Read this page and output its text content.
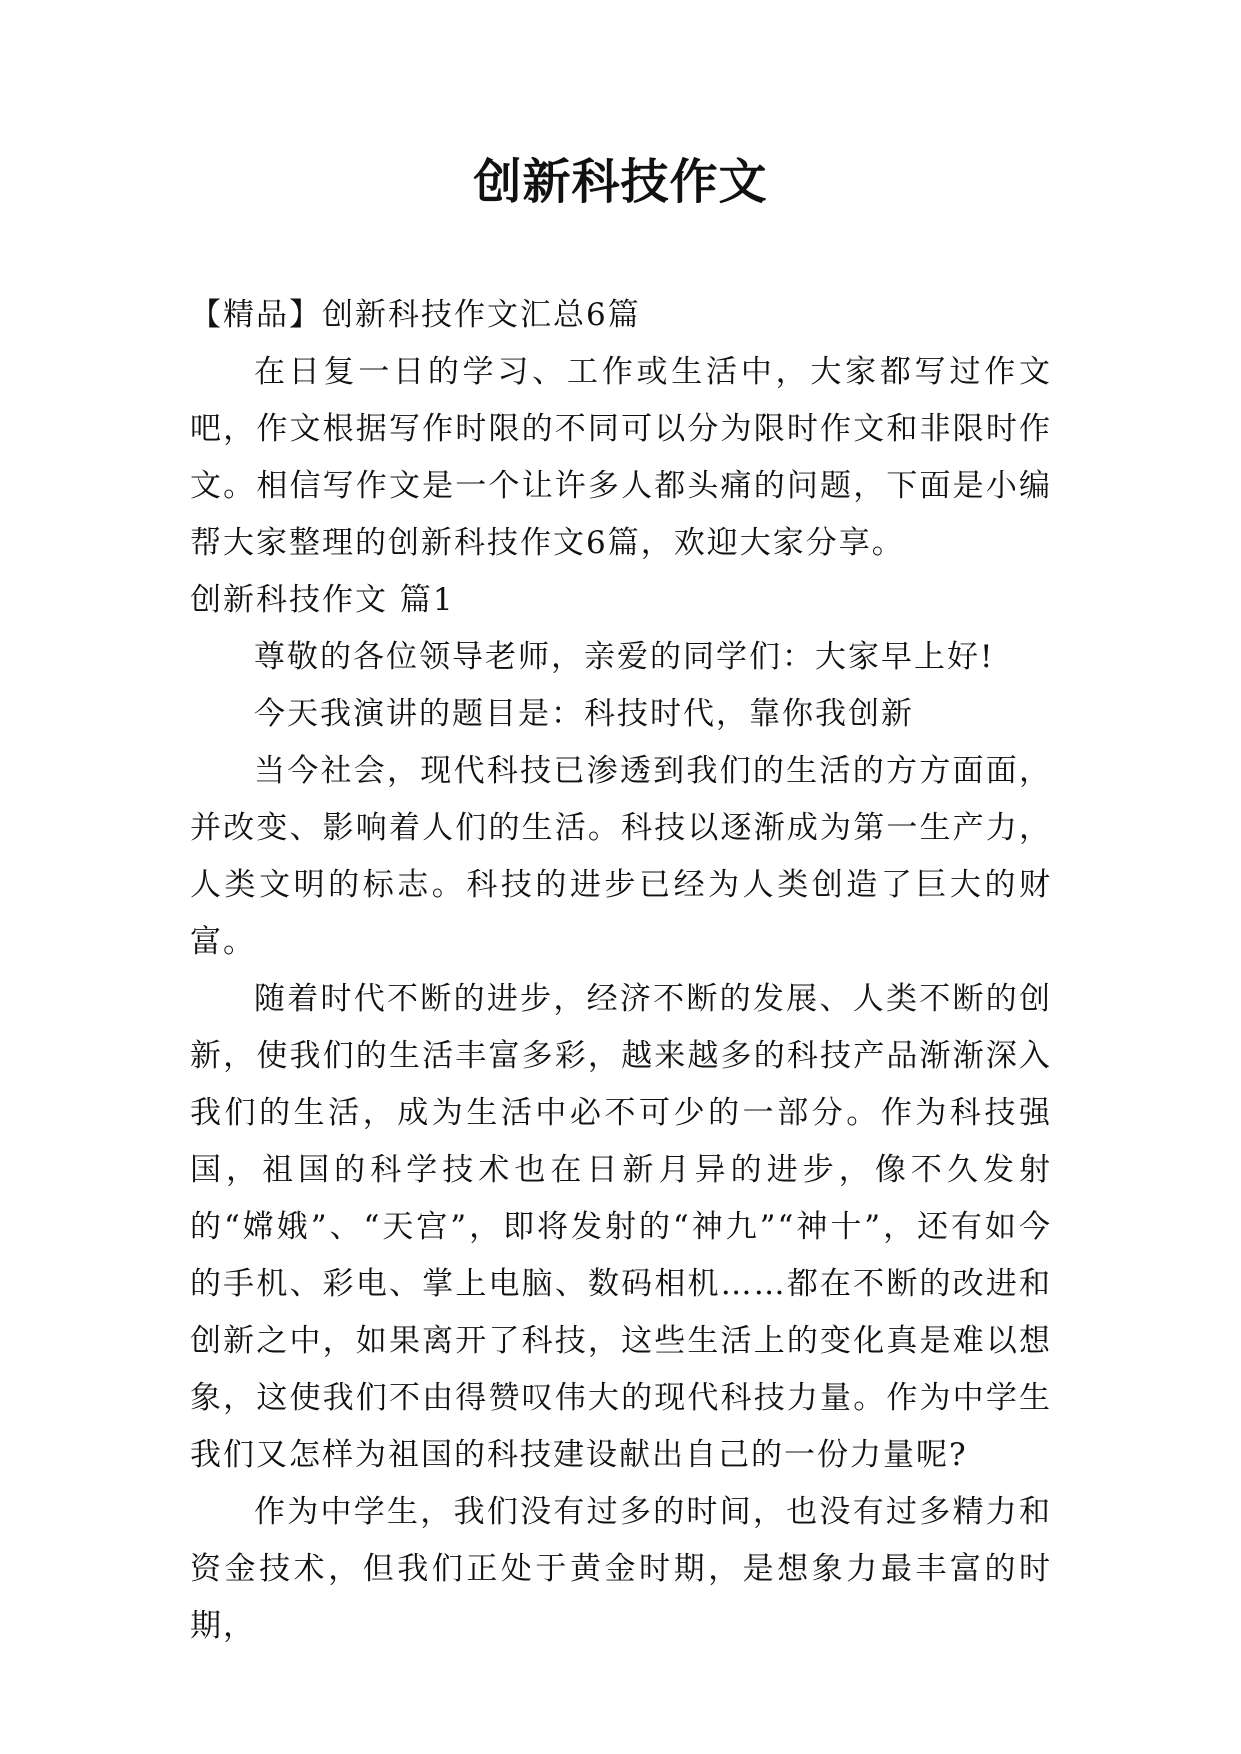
创新科技作文

【精品】创新科技作文汇总6篇

在日复一日的学习、工作或生活中，大家都写过作文吧，作文根据写作时限的不同可以分为限时作文和非限时作文。相信写作文是一个让许多人都头痛的问题，下面是小编帮大家整理的创新科技作文6篇，欢迎大家分享。

创新科技作文 篇1

尊敬的各位领导老师，亲爱的同学们：大家早上好!

今天我演讲的题目是：科技时代，靠你我创新

当今社会，现代科技已渗透到我们的生活的方方面面，并改变、影响着人们的生活。科技以逐渐成为第一生产力，人类文明的标志。科技的进步已经为人类创造了巨大的财富。

随着时代不断的进步，经济不断的发展、人类不断的创新，使我们的生活丰富多彩，越来越多的科技产品渐渐深入我们的生活，成为生活中必不可少的一部分。作为科技强国，祖国的科学技术也在日新月异的进步，像不久发射的“嫦娥”、“天宫”，即将发射的“神九”“神十”，还有如今的手机、彩电、掌上电脑、数码相机……都在不断的改进和创新之中，如果离开了科技，这些生活上的变化真是难以想象，这使我们不由得赞叹伟大的现代科技力量。作为中学生我们又怎样为祖国的科技建设献出自己的一份力量呢?

作为中学生，我们没有过多的时间，也没有过多精力和资金技术，但我们正处于黄金时期，是想象力最丰富的时期，
